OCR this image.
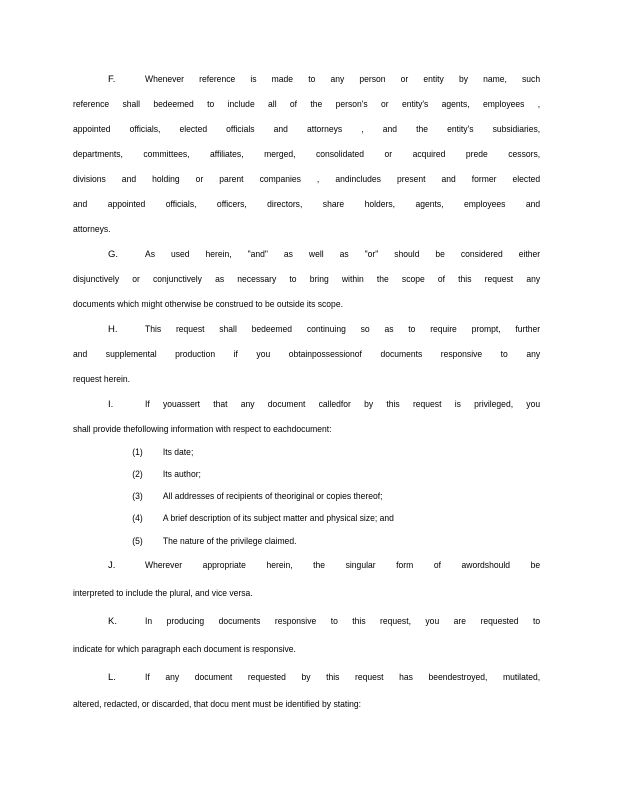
F.	Whenever reference is made to any person or entity by name, such
reference shall bedeemed to include all of the person's or entity's agents, employees ,
appointed officials, elected officials and attorneys , and the entity's subsidiaries,
departments, committees, affiliates, merged, consolidated or acquired prede cessors,
divisions and holding or parent companies , andincludes present and former elected
and appointed officials, officers, directors, share holders, agents, employees and
attorneys.
G.	As used herein, "and" as well as "or" should be considered either
disjunctively or conjunctively as necessary to bring within the scope of this request any
documents which might otherwise be construed to be outside its scope.
H.	This request shall bedeemed continuing so as to require prompt, further
and supplemental production if you obtainpossessionof documents responsive to any
request herein.
I.	If youassert that any document calledfor by this request is privileged, you
shall provide thefollowing information with respect to eachdocument:
(1) Its date;
(2) Its author;
(3) All addresses of recipients of theoriginal or copies thereof;
(4) A brief description of its subject matter and physical size; and
(5) The nature of the privilege claimed.
J.	Wherever appropriate herein, the singular form of awordshould be
interpreted to include the plural, and vice versa.
K.	In producing documents responsive to this request, you are requested to
indicate for which paragraph each document is responsive.
L.	If any document requested by this request has beendestroyed, mutilated,
altered, redacted, or discarded, that docu ment must be identified by stating:
